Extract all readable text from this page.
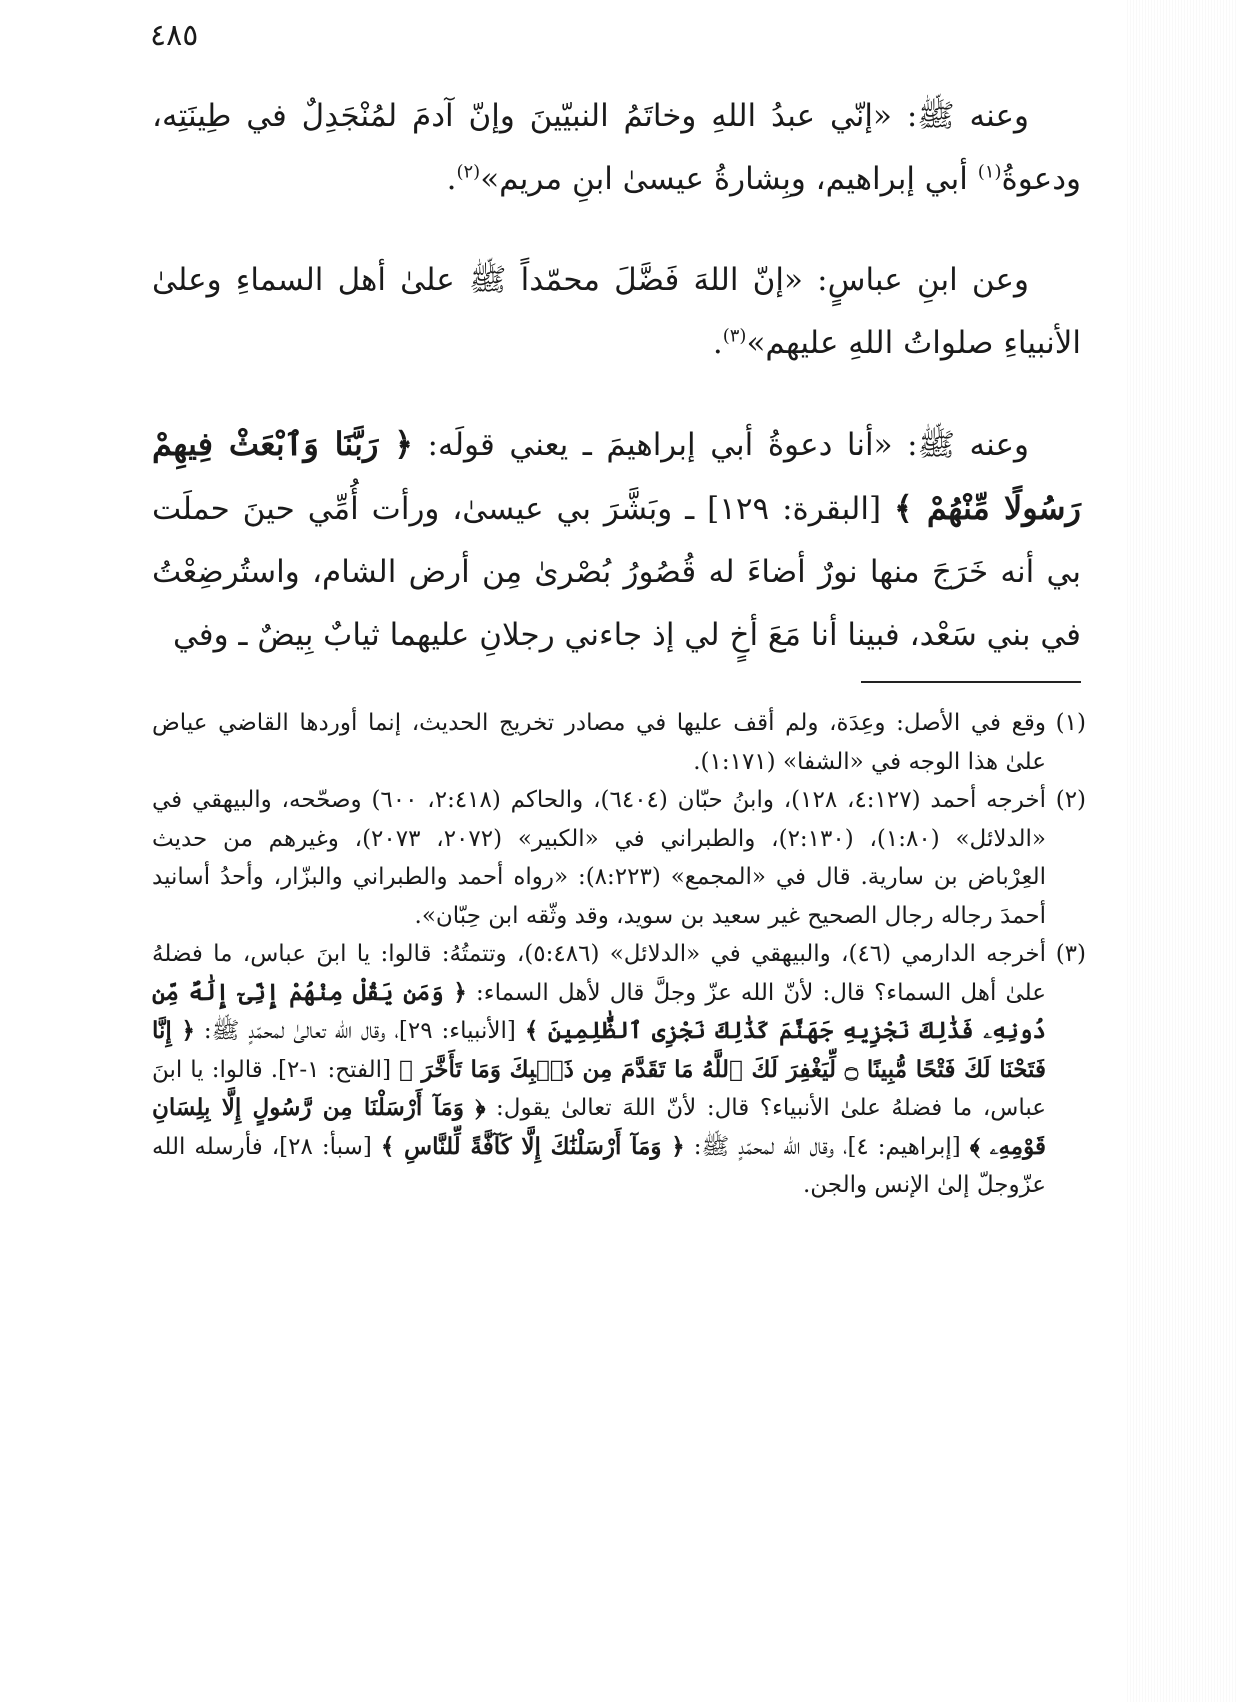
٤٨٥

وعنه ﷺ: «إنّي عبدُ اللهِ وخاتَمُ النبيّينَ وإنّ آدمَ لمُنْجَدِلٌ في طِينَتِه، ودعوةُ$^{(١)}$ أبي إبراهيم، وبِشارةُ عيسىٰ ابنِ مريم»$^{(٢)}$.

وعن ابنِ عباسٍ: «إنّ اللهَ فَضَّلَ محمّداً ﷺ علىٰ أهل السماءِ وعلىٰ الأنبياءِ صلواتُ اللهِ عليهم»$^{(٣)}$.

وعنه ﷺ: «أنا دعوةُ أبي إبراهيمَ ـ يعني قولَه: ﴿ رَبَّنَا وَٱبْعَثْ فِيهِمْ رَسُولًا مِّنْهُمْ ﴾ [البقرة: ١٢٩] ـ وبَشَّرَ بي عيسىٰ، ورأت أُمِّي حينَ حملَت بي أنه خَرَجَ منها نورٌ أضاءَ له قُصُورُ بُصْرىٰ مِن أرض الشام، واستُرضِعْتُ في بني سَعْد، فبينا أنا مَعَ أخٍ لي إذ جاءني رجلانِ عليهما ثيابٌ بِيضٌ ـ وفي

(١)وقع في الأصل: وعِدَة، ولم أقف عليها في مصادر تخريج الحديث، إنما أوردها القاضي عياض علىٰ هذا الوجه في «الشفا» (١:١٧١).

(٢)أخرجه أحمد (٤:١٢٧، ١٢٨)، وابنُ حبّان (٦٤٠٤)، والحاكم (٢:٤١٨، ٦٠٠) وصحّحه، والبيهقي في «الدلائل» (١:٨٠)، (٢:١٣٠)، والطبراني في «الكبير» (٢٠٧٢، ٢٠٧٣)، وغيرهم من حديث العِرْباض بن سارية. قال في «المجمع» (٨:٢٢٣): «رواه أحمد والطبراني والبزّار، وأحدُ أسانيد أحمدَ رجاله رجال الصحيح غير سعيد بن سويد، وقد وثّقه ابن حِبّان».

(٣)أخرجه الدارمي (٤٦)، والبيهقي في «الدلائل» (٥:٤٨٦)، وتتمتُهُ: قالوا: يا ابنَ عباس، ما فضلهُ علىٰ أهل السماء؟ قال: لأنّ الله عزّ وجلَّ قال لأهل السماء: ﴿ وَمَن يَقُلْ مِنْهُمْ إِنِّىٓ إِلَٰهٌ مِّن دُونِهِۦ فَذَٰلِكَ نَجْزِيهِ جَهَنَّمَ كَذَٰلِكَ نَجْزِى ٱلظَّٰلِمِينَ ﴾ [الأنبياء: ٢٩]، وقال الله تعالىٰ لمحمّدٍ ﷺ: ﴿ إِنَّا فَتَحْنَا لَكَ فَتْحًا مُّبِينًا ۝ لِّيَغْفِرَ لَكَ ٱللَّهُ مَا تَقَدَّمَ مِن ذَنۢبِكَ وَمَا تَأَخَّرَ ﴾ [الفتح: ١-٢]. قالوا: يا ابنَ عباس، ما فضلهُ علىٰ الأنبياء؟ قال: لأنّ اللهَ تعالىٰ يقول: ﴿ وَمَآ أَرْسَلْنَا مِن رَّسُولٍ إِلَّا بِلِسَانِ قَوْمِهِۦ ﴾ [إبراهيم: ٤]، وقال الله لمحمّدٍ ﷺ: ﴿ وَمَآ أَرْسَلْنَٰكَ إِلَّا كَآفَّةً لِّلنَّاسِ ﴾ [سبأ: ٢٨]، فأرسله الله عزّوجلّ إلىٰ الإنس والجن.
